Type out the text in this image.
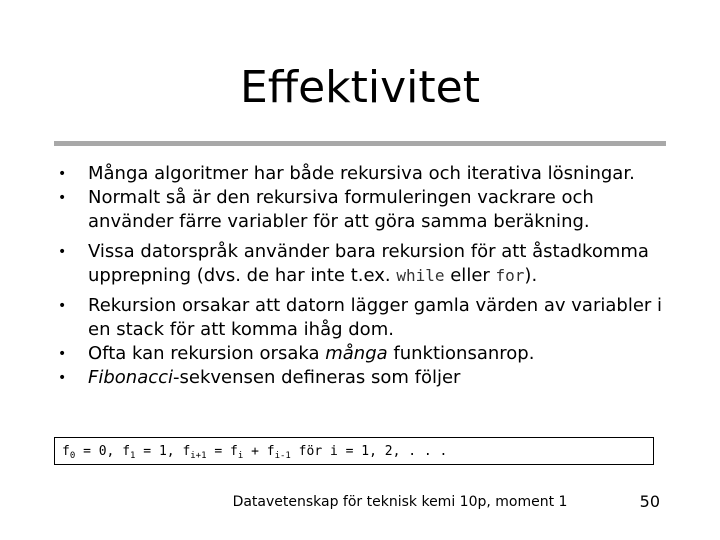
Effektivitet
•	Många algoritmer har både rekursiva och iterativa lösningar.
•	Normalt så är den rekursiva formuleringen vackrare och använder färre variabler för att göra samma beräkning.
•	Vissa datorspråk använder bara rekursion för att åstadkomma upprepning (dvs. de har inte t.ex. while eller for).
•	Rekursion orsakar att datorn lägger gamla värden av variabler i en stack för att komma ihåg dom.
•	Ofta kan rekursion orsaka många funktionsanrop.
•	Fibonacci-sekvensen defineras som följer
$f_0 = 0$, $f_1 = 1$, $f_{i+1} = f_i + f_{i-1}$ för i = 1, 2, . . .
Datavetenskap för teknisk kemi 10p, moment 1	50
